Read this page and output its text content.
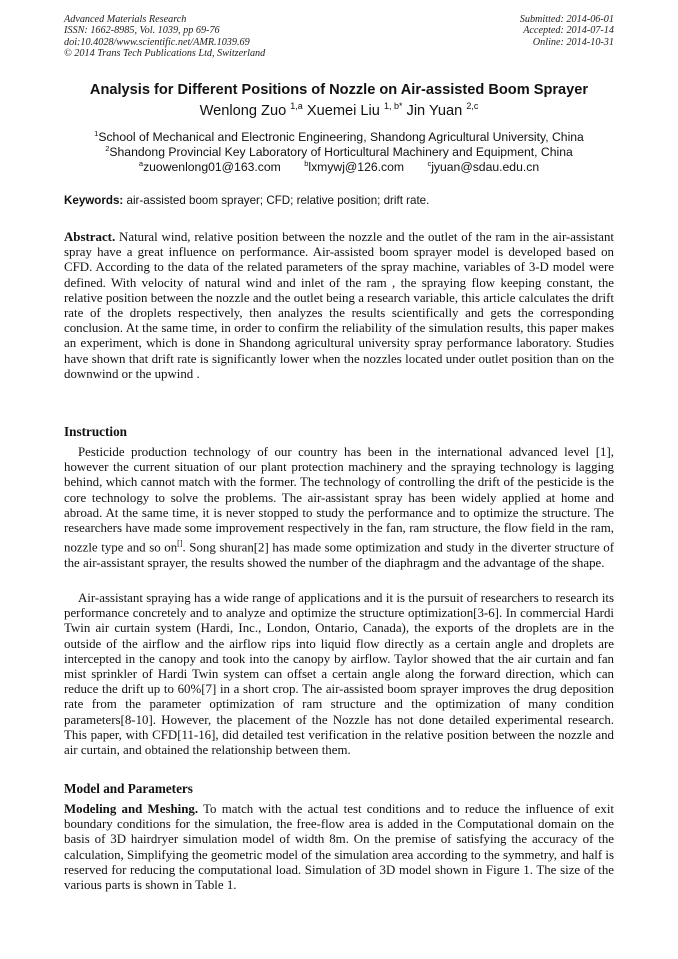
Advanced Materials Research
ISSN: 1662-8985, Vol. 1039, pp 69-76
doi:10.4028/www.scientific.net/AMR.1039.69
© 2014 Trans Tech Publications Ltd, Switzerland
Submitted: 2014-06-01
Accepted: 2014-07-14
Online: 2014-10-31
Analysis for Different Positions of Nozzle on Air-assisted Boom Sprayer
Wenlong Zuo $^{1,a}$ Xuemei Liu $^{1, b*}$ Jin Yuan $^{2,c}$
$^1$School of Mechanical and Electronic Engineering, Shandong Agricultural University, China
$^2$Shandong Provincial Key Laboratory of Horticultural Machinery and Equipment, China
$^a$zuowenlong01@163.com	$^b$lxmywj@126.com	$^c$jyuan@sdau.edu.cn
Keywords: air-assisted boom sprayer; CFD; relative position; drift rate.

Abstract. Natural wind, relative position between the nozzle and the outlet of the ram in the air-assistant spray have a great influence on performance. Air-assisted boom sprayer model is developed based on CFD. According to the data of the related parameters of the spray machine, variables of 3-D model were defined. With velocity of natural wind and inlet of the ram , the spraying flow keeping constant, the relative position between the nozzle and the outlet being a research variable, this article calculates the drift rate of the droplets respectively, then analyzes the results scientifically and gets the corresponding conclusion. At the same time, in order to confirm the reliability of the simulation results, this paper makes an experiment, which is done in Shandong agricultural university spray performance laboratory. Studies have shown that drift rate is significantly lower when the nozzles located under outlet position than on the downwind or the upwind .

Instruction

Pesticide production technology of our country has been in the international advanced level [1], however the current situation of our plant protection machinery and the spraying technology is lagging behind, which cannot match with the former. The technology of controlling the drift of the pesticide is the core technology to solve the problems. The air-assistant spray has been widely applied at home and abroad. At the same time, it is never stopped to study the performance and to optimize the structure. The researchers have made some improvement respectively in the fan, ram structure, the flow field in the ram, nozzle type and so on[]. Song shuran[2] has made some optimization and study in the diverter structure of the air-assistant sprayer, the results showed the number of the diaphragm and the advantage of the shape.

Air-assistant spraying has a wide range of applications and it is the pursuit of researchers to research its performance concretely and to analyze and optimize the structure optimization[3-6]. In commercial Hardi Twin air curtain system (Hardi, Inc., London, Ontario, Canada), the exports of the droplets are in the outside of the airflow and the airflow rips into liquid flow directly as a certain angle and droplets are intercepted in the canopy and took into the canopy by airflow. Taylor showed that the air curtain and fan mist sprinkler of Hardi Twin system can offset a certain angle along the forward direction, which can reduce the drift up to 60%[7] in a short crop. The air-assisted boom sprayer improves the drug deposition rate from the parameter optimization of ram structure and the optimization of many condition parameters[8-10]. However, the placement of the Nozzle has not done detailed experimental research. This paper, with CFD[11-16], did detailed test verification in the relative position between the nozzle and air curtain, and obtained the relationship between them.

Model and Parameters

Modeling and Meshing. To match with the actual test conditions and to reduce the influence of exit boundary conditions for the simulation, the free-flow area is added in the Computational domain on the basis of 3D hairdryer simulation model of width 8m. On the premise of satisfying the accuracy of the calculation, Simplifying the geometric model of the simulation area according to the symmetry, and half is reserved for reducing the computational load. Simulation of 3D model shown in Figure 1. The size of the various parts is shown in Table 1.
